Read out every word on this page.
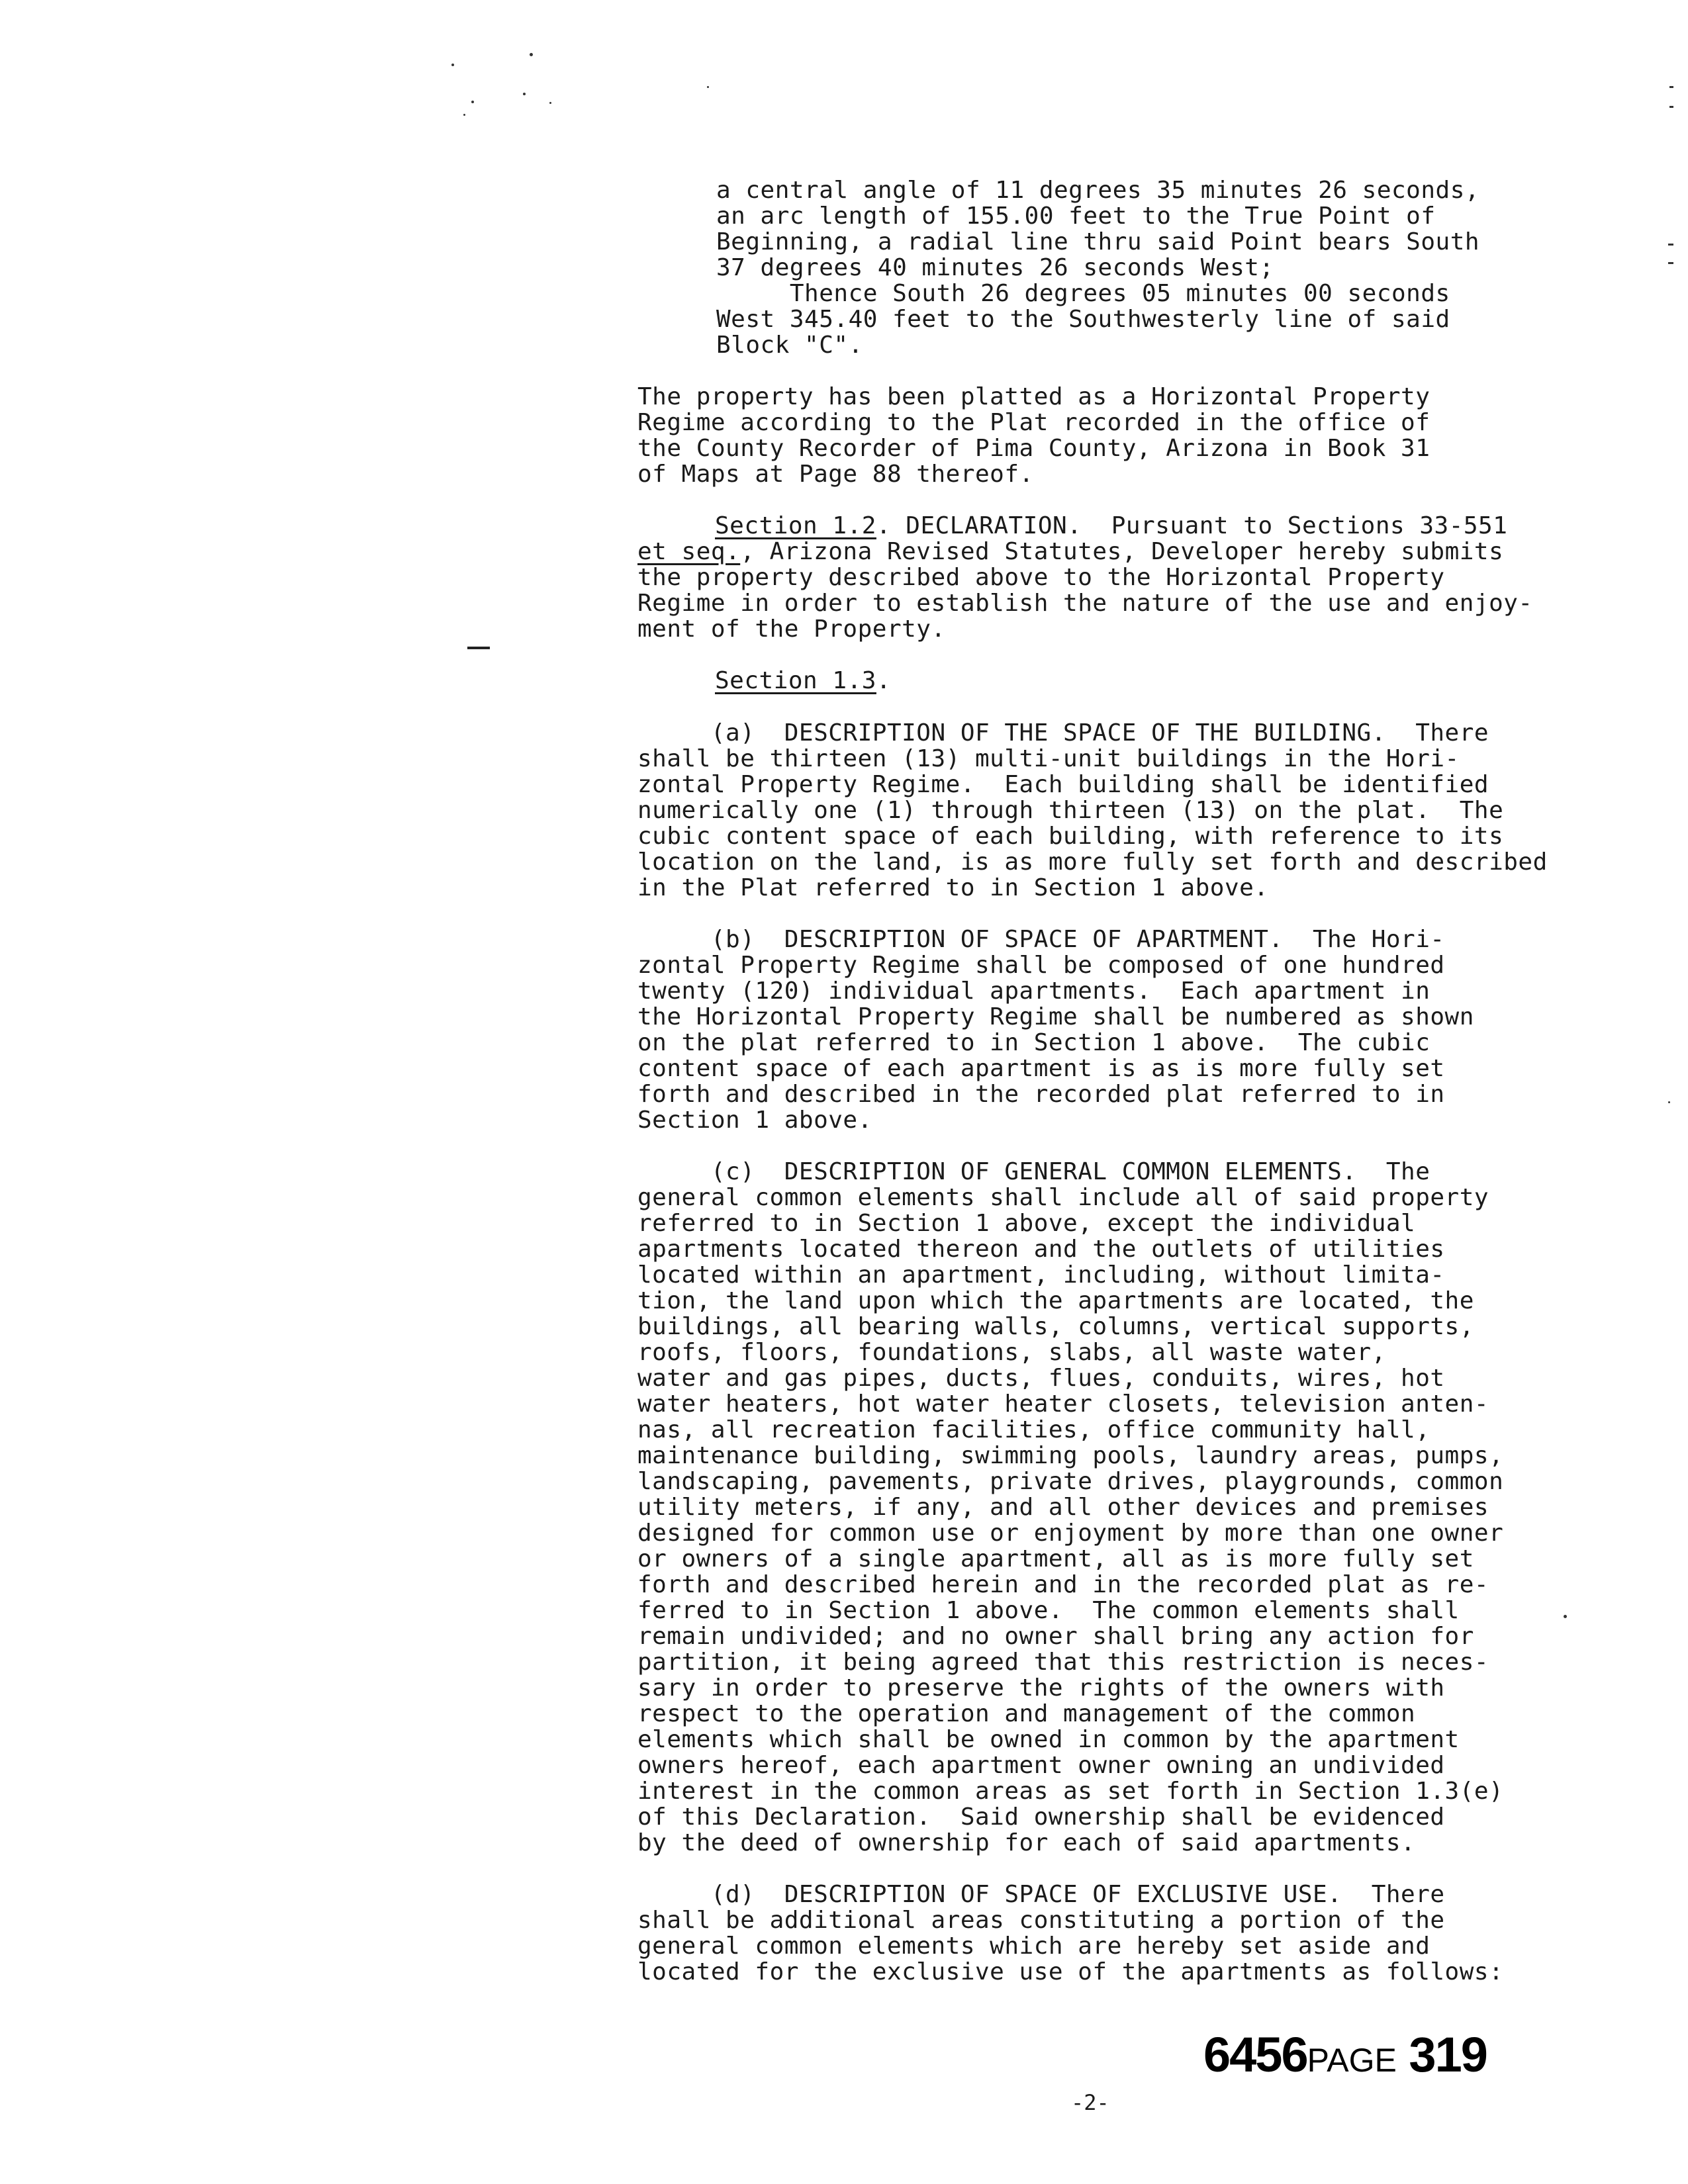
a central angle of 11 degrees 35 minutes 26 seconds,
an arc length of 155.00 feet to the True Point of
Beginning, a radial line thru said Point bears South
37 degrees 40 minutes 26 seconds West;
Thence South 26 degrees 05 minutes 00 seconds
West 345.40 feet to the Southwesterly line of said
Block "C".
The property has been platted as a Horizontal Property
Regime according to the Plat recorded in the office of
the County Recorder of Pima County, Arizona in Book 31
of Maps at Page 88 thereof.
Section 1.2. DECLARATION.  Pursuant to Sections 33-551
et seq., Arizona Revised Statutes, Developer hereby submits
the property described above to the Horizontal Property
Regime in order to establish the nature of the use and enjoy-
ment of the Property.
Section 1.3.
(a)  DESCRIPTION OF THE SPACE OF THE BUILDING.  There
shall be thirteen (13) multi-unit buildings in the Hori-
zontal Property Regime.  Each building shall be identified
numerically one (1) through thirteen (13) on the plat.  The
cubic content space of each building, with reference to its
location on the land, is as more fully set forth and described
in the Plat referred to in Section 1 above.
(b)  DESCRIPTION OF SPACE OF APARTMENT.  The Hori-
zontal Property Regime shall be composed of one hundred
twenty (120) individual apartments.  Each apartment in
the Horizontal Property Regime shall be numbered as shown
on the plat referred to in Section 1 above.  The cubic
content space of each apartment is as is more fully set
forth and described in the recorded plat referred to in
Section 1 above.
(c)  DESCRIPTION OF GENERAL COMMON ELEMENTS.  The
general common elements shall include all of said property
referred to in Section 1 above, except the individual
apartments located thereon and the outlets of utilities
located within an apartment, including, without limita-
tion, the land upon which the apartments are located, the
buildings, all bearing walls, columns, vertical supports,
roofs, floors, foundations, slabs, all waste water,
water and gas pipes, ducts, flues, conduits, wires, hot
water heaters, hot water heater closets, television anten-
nas, all recreation facilities, office community hall,
maintenance building, swimming pools, laundry areas, pumps,
landscaping, pavements, private drives, playgrounds, common
utility meters, if any, and all other devices and premises
designed for common use or enjoyment by more than one owner
or owners of a single apartment, all as is more fully set
forth and described herein and in the recorded plat as re-
ferred to in Section 1 above.  The common elements shall
remain undivided; and no owner shall bring any action for
partition, it being agreed that this restriction is neces-
sary in order to preserve the rights of the owners with
respect to the operation and management of the common
elements which shall be owned in common by the apartment
owners hereof, each apartment owner owning an undivided
interest in the common areas as set forth in Section 1.3(e)
of this Declaration.  Said ownership shall be evidenced
by the deed of ownership for each of said apartments.
(d)  DESCRIPTION OF SPACE OF EXCLUSIVE USE.  There
shall be additional areas constituting a portion of the
general common elements which are hereby set aside and
located for the exclusive use of the apartments as follows:
6456PAGE 319
-2-
